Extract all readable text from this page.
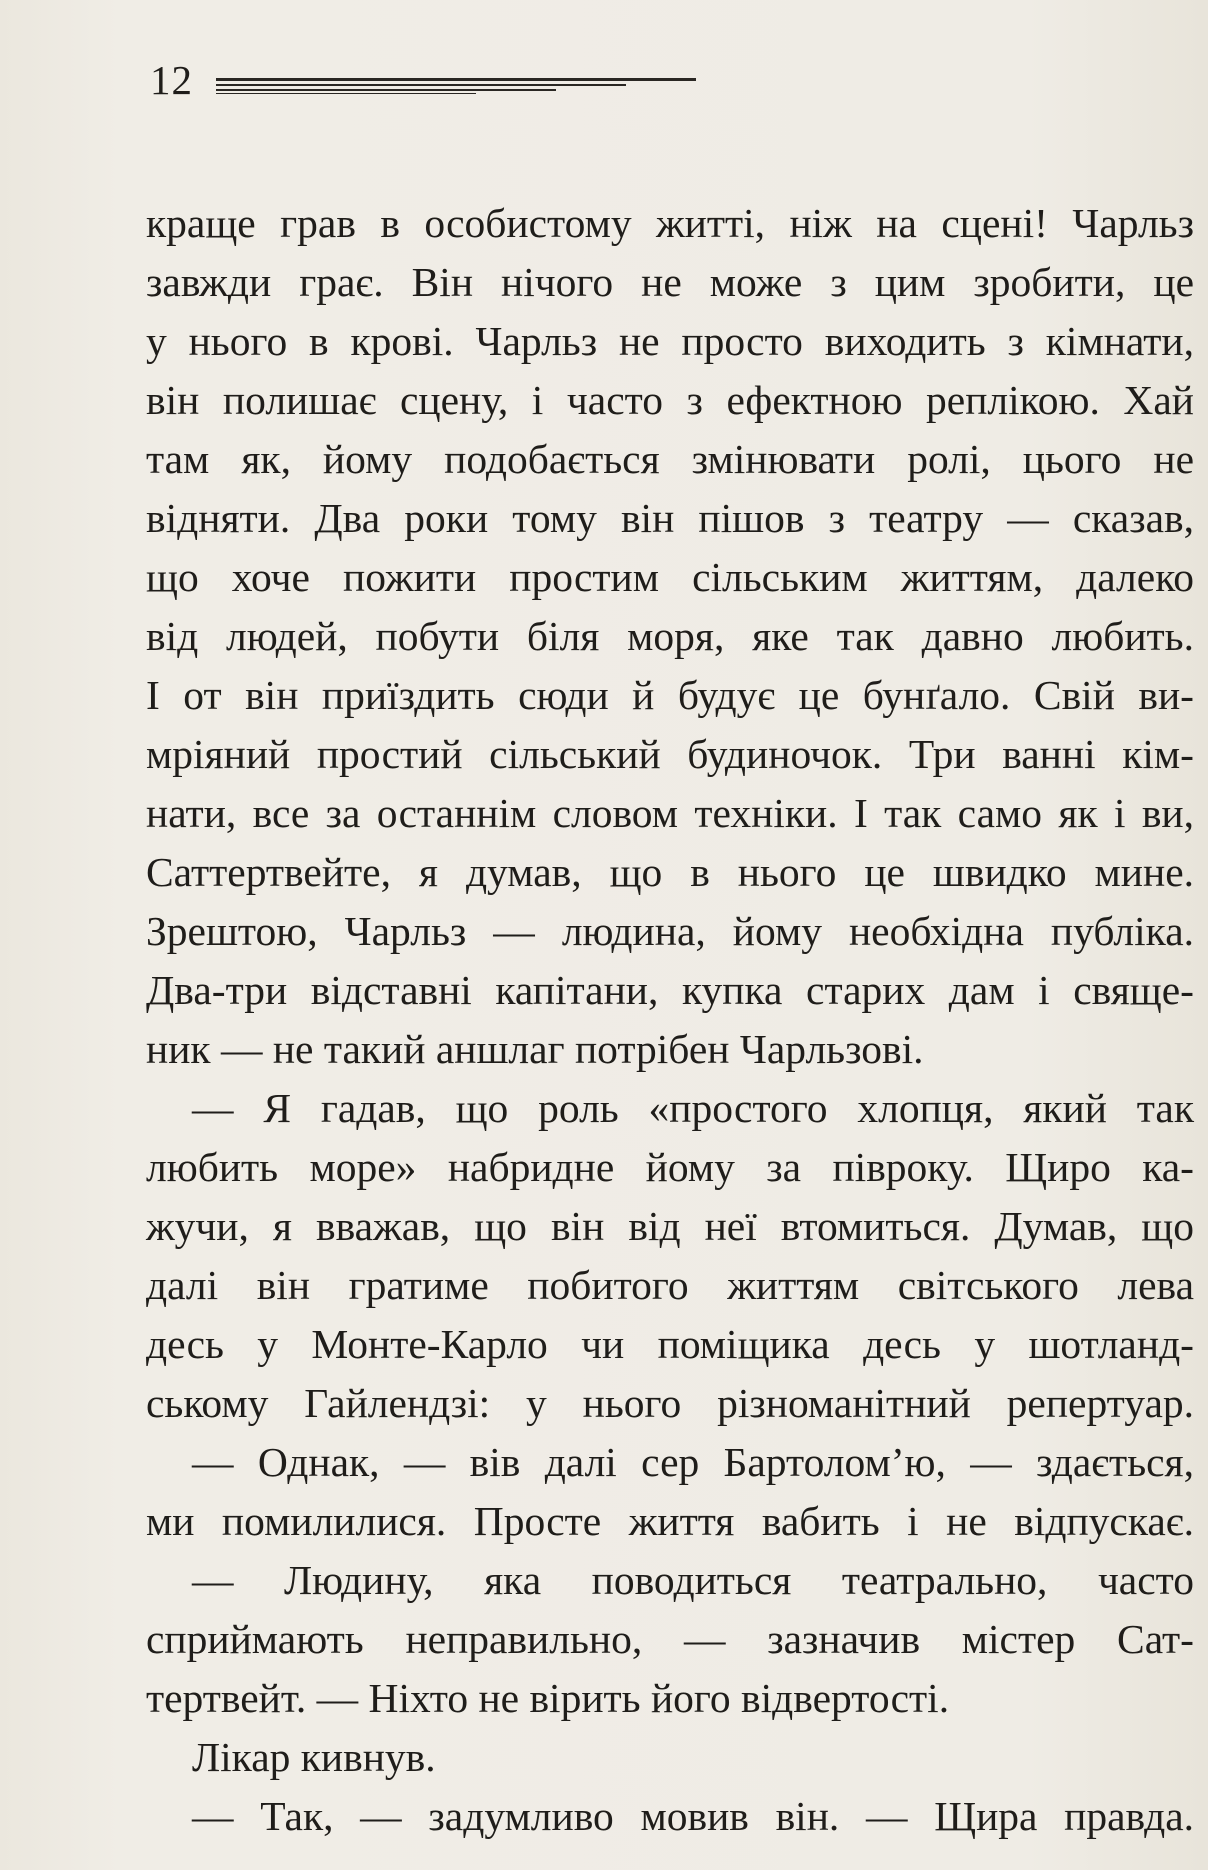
12
краще грав в особистому житті, ніж на сцені! Чарльз
завжди грає. Він нічого не може з цим зробити, це
у нього в крові. Чарльз не просто виходить з кімнати,
він полишає сцену, і часто з ефектною реплікою. Хай
там як, йому подобається змінювати ролі, цього не
відняти. Два роки тому він пішов з театру — сказав,
що хоче пожити простим сільським життям, далеко
від людей, побути біля моря, яке так давно любить.
І от він приїздить сюди й будує це бунґало. Свій ви-
мріяний простий сільський будиночок. Три ванні кім-
нати, все за останнім словом техніки. І так само як і ви,
Саттертвейте, я думав, що в нього це швидко мине.
Зрештою, Чарльз — людина, йому необхідна публіка.
Два-три відставні капітани, купка старих дам і свяще-
ник — не такий аншлаг потрібен Чарльзові.
— Я гадав, що роль «простого хлопця, який так
любить море» набридне йому за півроку. Щиро ка-
жучи, я вважав, що він від неї втомиться. Думав, що
далі він гратиме побитого життям світського лева
десь у Монте-Карло чи поміщика десь у шотланд-
ському Гайлендзі: у нього різноманітний репертуар.
— Однак, — вів далі сер Бартолом’ю, — здається,
ми помилилися. Просте життя вабить і не відпускає.
— Людину, яка поводиться театрально, часто
сприймають неправильно, — зазначив містер Сат-
тертвейт. — Ніхто не вірить його відвертості.
Лікар кивнув.
— Так, — задумливо мовив він. — Щира правда.
